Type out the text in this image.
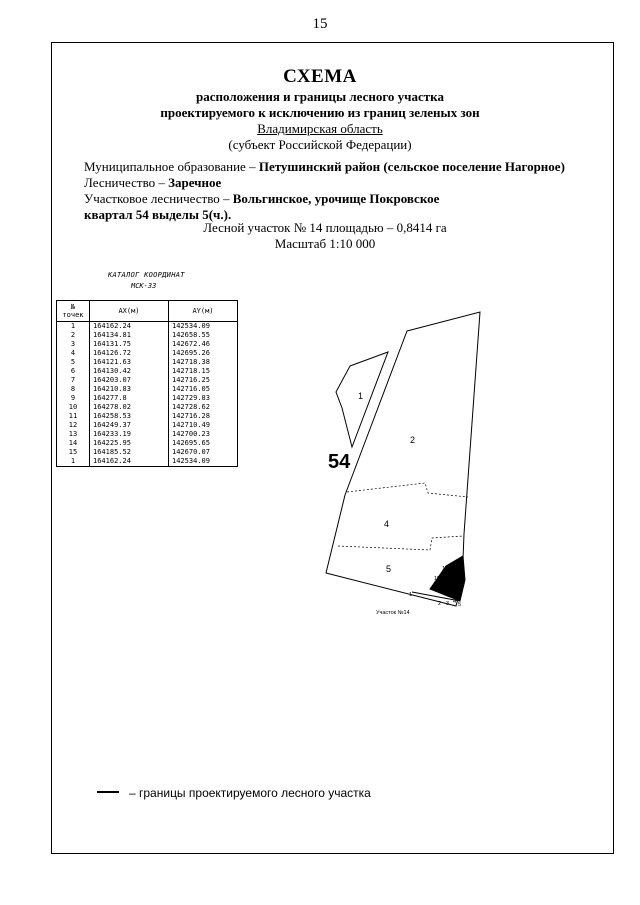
15
СХЕМА
расположения и границы лесного участка
проектируемого к исключению из границ зеленых зон
Владимирская область
(субъект Российской Федерации)
Муниципальное образование – Петушинский район (сельское поселение Нагорное)
Лесничество – Заречное
Участковое лесничество – Вольгинское, урочище Покровское
квартал 54 выделы 5(ч.).
Лесной участок № 14 площадью – 0,8414 га
Масштаб 1:10 000
КАТАЛОГ КООРДИНАТ
МСК-33
№ точек	AX(м)	AY(м)
1	164162.24	142534.09
2	164134.81	142658.55
3	164131.75	142672.46
4	164126.72	142695.26
5	164121.63	142718.38
6	164130.42	142718.15
7	164203.07	142716.25
8	164210.83	142716.05
9	164277.8	142729.83
10	164278.02	142728.62
11	164258.53	142716.28
12	164249.37	142710.49
13	164233.19	142700.23
14	164225.95	142695.65
15	164185.52	142670.07
1	164162.24	142534.09	54
1
2
4
5
1
2 3 4 5
7
9
13
15
Участок №14
– границы проектируемого лесного участка
